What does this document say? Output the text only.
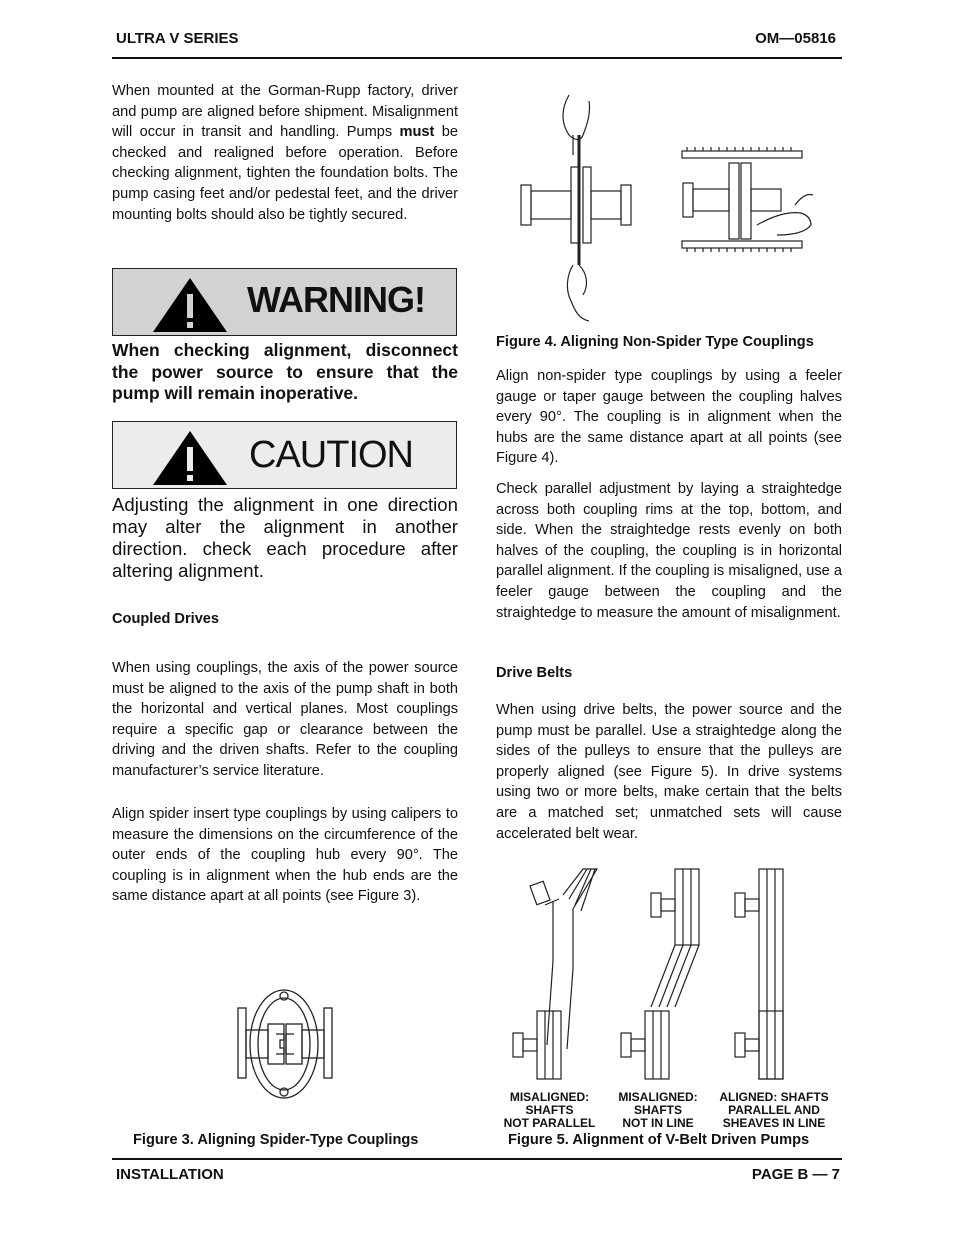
ULTRA V SERIES	OM—05816
When mounted at the Gorman-Rupp factory, driver and pump are aligned before shipment. Misalignment will occur in transit and handling. Pumps must be checked and realigned before operation. Before checking alignment, tighten the foundation bolts. The pump casing feet and/or pedestal feet, and the driver mounting bolts should also be tightly secured.
WARNING!
When checking alignment, disconnect the power source to ensure that the pump will remain inoperative.
CAUTION
Adjusting the alignment in one direction may alter the alignment in another direction. check each procedure after altering alignment.
Coupled Drives
When using couplings, the axis of the power source must be aligned to the axis of the pump shaft in both the horizontal and vertical planes. Most couplings require a specific gap or clearance between the driving and the driven shafts. Refer to the coupling manufacturer’s service literature.
Align spider insert type couplings by using calipers to measure the dimensions on the circumference of the outer ends of the coupling hub every 90°. The coupling is in alignment when the hub ends are the same distance apart at all points (see Figure 3).
Figure 3. Aligning Spider-Type Couplings
Figure 4. Aligning Non-Spider Type Couplings
Align non-spider type couplings by using a feeler gauge or taper gauge between the coupling halves every 90°. The coupling is in alignment when the hubs are the same distance apart at all points (see Figure 4).
Check parallel adjustment by laying a straightedge across both coupling rims at the top, bottom, and side. When the straightedge rests evenly on both halves of the coupling, the coupling is in horizontal parallel alignment. If the coupling is misaligned, use a feeler gauge between the coupling and the straightedge to measure the amount of misalignment.
Drive Belts
When using drive belts, the power source and the pump must be parallel. Use a straightedge along the sides of the pulleys to ensure that the pulleys are properly aligned (see Figure 5). In drive systems using two or more belts, make certain that the belts are a matched set; unmatched sets will cause accelerated belt wear.
MISALIGNED:
SHAFTS
NOT PARALLEL
MISALIGNED:
SHAFTS
NOT IN LINE
ALIGNED: SHAFTS
PARALLEL AND
SHEAVES IN LINE
Figure 5. Alignment of V-Belt Driven Pumps
INSTALLATION	PAGE B — 7
